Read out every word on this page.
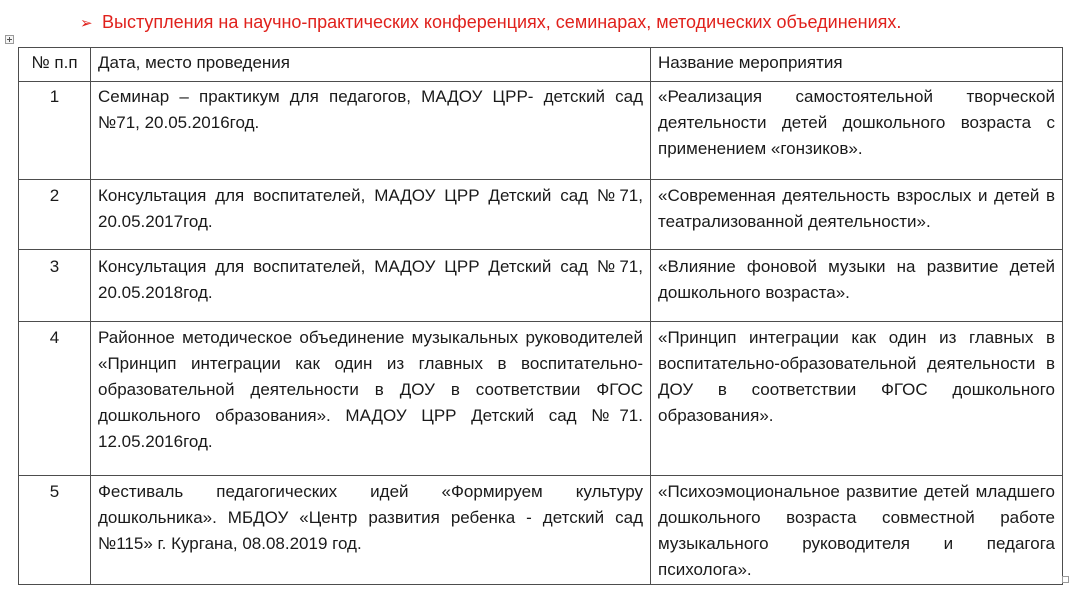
➢ Выступления на научно-практических конференциях, семинарах, методических объединениях.
№ п.п	Дата, место проведения	Название мероприятия
1	Семинар – практикум для педагогов, МАДОУ ЦРР- детский сад №71, 20.05.2016год.	«Реализация самостоятельной творческой деятельности детей дошкольного возраста с применением «гонзиков».

2	Консультация для воспитателей, МАДОУ ЦРР Детский сад №71, 20.05.2017год.	«Современная деятельность взрослых и детей в театрализованной деятельности».

3	Консультация для воспитателей, МАДОУ ЦРР Детский сад №71, 20.05.2018год.	«Влияние фоновой музыки на развитие детей дошкольного возраста».

4	Районное методическое объединение музыкальных руководителей «Принцип интеграции как один из главных в воспитательно-образовательной деятельности в ДОУ в соответствии ФГОС дошкольного образования». МАДОУ ЦРР Детский сад №71. 12.05.2016год.	«Принцип интеграции как один из главных в воспитательно-образовательной деятельности в ДОУ в соответствии ФГОС дошкольного образования».

5	Фестиваль педагогических идей «Формируем культуру дошкольника». МБДОУ «Центр развития ребенка - детский сад №115» г. Кургана, 08.08.2019 год.	«Психоэмоциональное развитие детей младшего дошкольного возраста совместной работе музыкального руководителя и педагога психолога».
